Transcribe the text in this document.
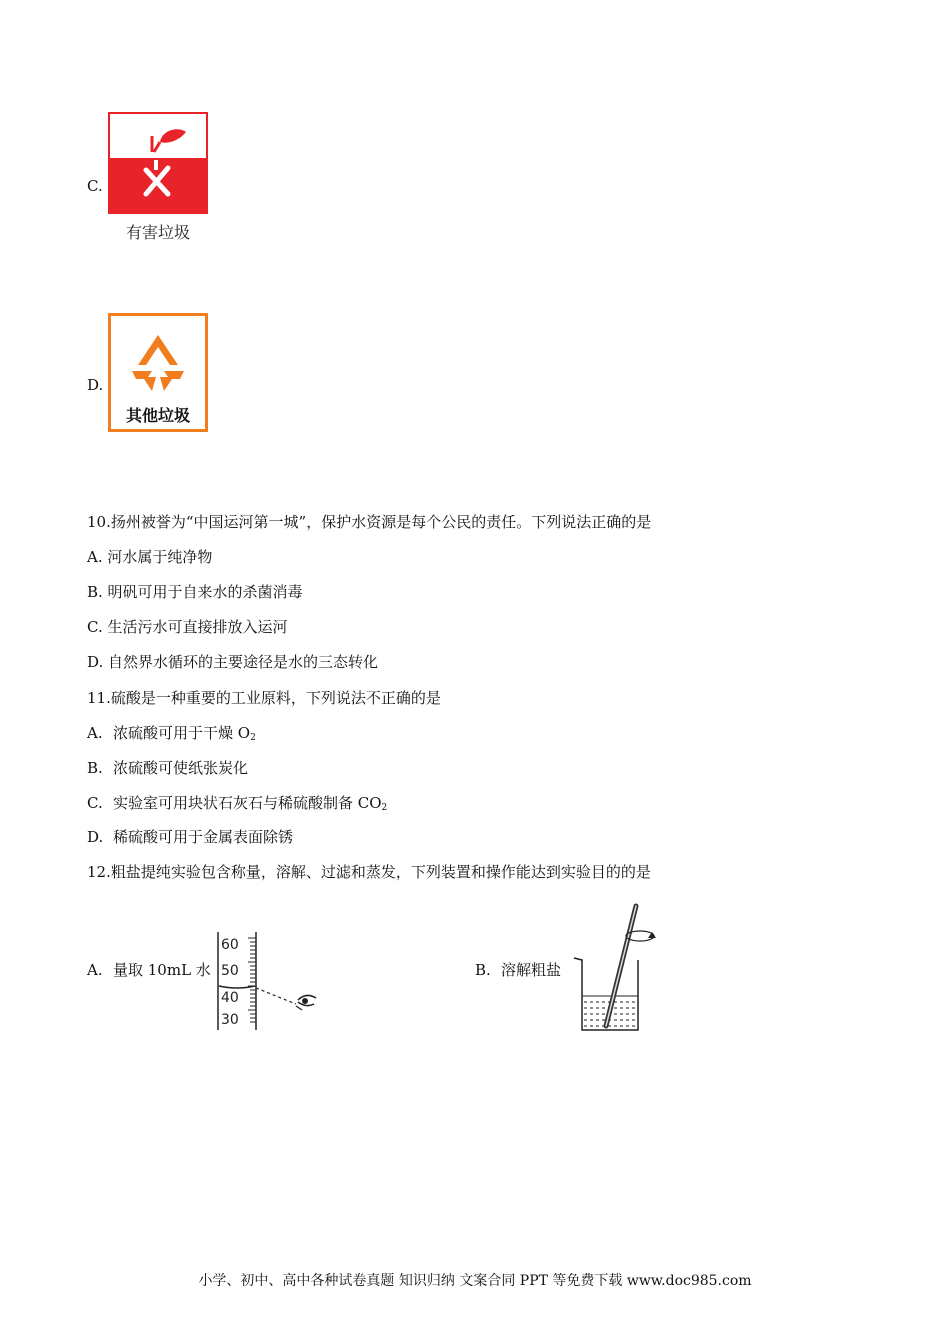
C.
有害垃圾
D.
其他垃圾
10.扬州被誉为“中国运河第一城”，保护水资源是每个公民的责任。下列说法正确的是
A. 河水属于纯净物
B. 明矾可用于自来水的杀菌消毒
C. 生活污水可直接排放入运河
D. 自然界水循环的主要途径是水的三态转化
11.硫酸是一种重要的工业原料，下列说法不正确的是
A. 浓硫酸可用于干燥 $O_2$
B. 浓硫酸可使纸张炭化
C. 实验室可用块状石灰石与稀硫酸制备 $CO_2$
D. 稀硫酸可用于金属表面除锈
12.粗盐提纯实验包含称量，溶解、过滤和蒸发，下列装置和操作能达到实验目的的是
A. 量取 10mL 水
60
50
40
30
B. 溶解粗盐
小学、初中、高中各种试卷真题 知识归纳 文案合同 PPT 等免费下载 www.doc985.com
